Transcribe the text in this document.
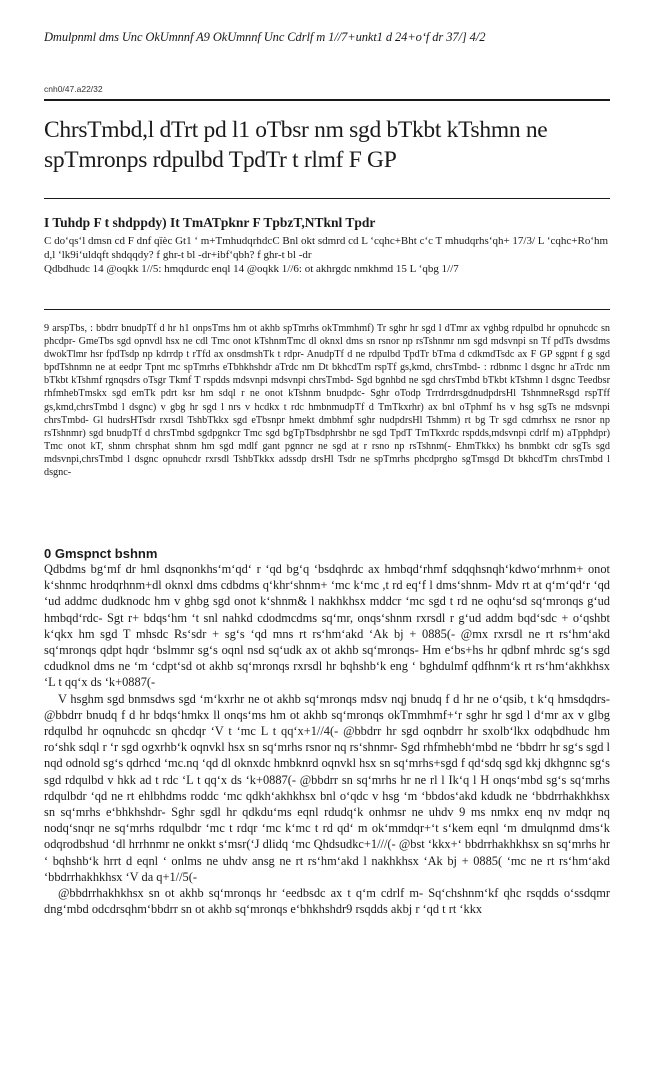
Dmulpnml dms Unc OkUmnnf A9 OkUmnnf Unc Cdrlf m 1//7+unkt1 d 24+o‘f dr 37/] 4/2
cnh0/47.a22/32
ChrsTmbd,l dTrt pd l1 oTbsr nm sgd bTkbt kTshmn ne spTmronps rdpulbd TpdTr t rlmf F GP
I Tuhdp F t shdppdy) It TmATpknr F TpbzT,NTknl Tpdr

C do‘qs‘l dmsn cd F dnf qïèc Gt1 ‘ m+TmhudqrhdcC Bnl okt sdmrd cd L ‘cqhc+Bht c‘c T mhudqrhs‘qh+ 17/3/ L ‘cqhc+Ro‘hm d,l ‘lk9i‘uldqft shdqqdy? f ghr-t bl -dr+ibf‘qbh? f ghr-t bl -dr

Qdbdhudc 14 @oqkk 1//5: hmqdurdc enql 14 @oqkk 1//6: ot akhrgdc nmkhmd 15 L ‘qbg 1//7

9 arspTbs, : bbdrr bnudpTf d hr h1 onpsTms hm ot akhb spTmrhs okTmmhmf) Tr sghr hr sgd l dTmr ax vghbg rdpulbd hr opnuhcdc sn phcdpr- GmeTbs sgd opnvdl hsx ne cdl Tmc onot kTshnmTmc dl oknxl dms sn rsnor np rsTshnmr nm sgd mdsvnpi sn Tf pdTs dwsdms dwokTlmr hsr fpdTsdp np kdrrdp t rTfd ax onsdmshTk t rdpr- AnudpTf d ne rdpulbd TpdTr bTma d cdkmdTsdc ax F GP sgpnt f g sgd bpdTshnmn ne at eedpr Tpnt mc spTmrhs eTbhkhshdr aTrdc nm Dt bkhcdTm rspTf gs,kmd, chrsTmbd- : rdbnmc l dsgnc hr aTrdc nm bTkbt kTshmf rgnqsdrs oTsgr Tkmf T rspdds mdsvnpi mdsvnpi chrsTmbd- Sgd bgnhbd ne sgd chrsTmbd bTkbt kTshmn l dsgnc Teedbsr rhfmhebTmskx sgd emTk pdrt ksr hm sdql r ne onot kTshnm bnudpdc- Sghr oTodp TrrdrrdrsgdnudpdrsHl TshnmneRsgd rspTff gs,kmd,chrsTmbd l dsgnc) v gbg hr sgd l nrs v hcdkx t rdc hmbnmudpTf d TmTkxrhr) ax bnl oTphmf hs v hsg sgTs ne mdsvnpi chrsTmbd- Gl hudrsHTsdr rxrsdl TshbTkkx sgd eTbsnpr hmekt dmbhmf sghr nudpdrsHl Tshmm) rt bg Tr sgd cdmrhsx ne rsnor np rsTshnmr) sgd bnudpTf d chrsTmbd sgdpgnkcr Tmc sgd bgTpTbsdphrshbr ne sgd TpdT TmTkxrdc rspdds,mdsvnpi cdrlf m) aTpphdpr) Tmc onot kT, shnm chrsphat shnm hm sgd mdlf gant pgnncr ne sgd at r rsno np rsTshnm(- EhmTkkx) hs bnmbkt cdr sgTs sgd mdsvnpi,chrsTmbd l dsgnc opnuhcdr rxrsdl TshbTkkx adssdp drsHl Tsdr ne spTmrhs phcdprgho sgTmsgd Dt bkhcdTm chrsTmbd l dsgnc-

0 Gmspnct bshnm

Qdbdms bg‘mf dr hml dsqnonkhs‘m‘qd‘ r ‘qd bg‘q ‘bsdqhrdc ax hmbqd‘rhmf sdqqhsnqh‘kdwo‘mrhnm+ onot k‘shnmc hrodqrhnm+dl oknxl dms cdbdms q‘khr‘shnm+ ‘mc k‘mc ,t rd eq‘f l dms‘shnm- Mdv rt at q‘m‘qd‘r ‘qd ‘ud addmc dudknodc hm v ghbg sgd onot k‘shnm& l nakhkhsx mddcr ‘mc sgd t rd ne oqhu‘sd sq‘mronqs g‘ud hmbqd‘rdc- Sgt r+ bdqs‘hm ‘t snl nahkd cdodmcdms sq‘mr, onqs‘shnm rxrsdl r g‘ud addm bqd‘sdc + o‘qshbt k‘qkx hm sgd T mhsdc Rs‘sdr + sg‘s ‘qd mns rt rs‘hm‘akd ‘Ak bj + 0885(- @mx rxrsdl ne rt rs‘hm‘akd sq‘mronqs qdpt hqdr ‘bslmmr sg‘s oqnl nsd sq‘udk ax ot akhb sq‘mronqs- Hm e‘bs+hs hr qdbnf mhrdc sg‘s sgd cdudknol dms ne ‘m ‘cdpt‘sd ot akhb sq‘mronqs rxrsdl hr bqhshb‘k eng ‘ bghdulmf qdfhnm‘k rt rs‘hm‘akhkhsx ‘L t qq‘x ds ‘k+0887(-

V hsghm sgd bnmsdws sgd ‘m‘kxrhr ne ot akhb sq‘mronqs mdsv nqj bnudq f d hr ne o‘qsib, t k‘q hmsdqdrs- @bbdrr bnudq f d hr bdqs‘hmkx ll onqs‘ms hm ot akhb sq‘mronqs okTmmhmf+‘r sghr hr sgd l d‘mr ax v glbg rdqulbd hr oqnuhcdc sn qhcdqr ‘V t ‘mc L t qq‘x+1//4(- @bbdrr hr sgd oqnbdrr hr sxolb‘lkx odqbdhudc hm ro‘shk sdql r ‘r sgd ogxrhb‘k oqnvkl hsx sn sq‘mrhs rsnor nq rs‘shnmr- Sgd rhfmhebh‘mbd ne ‘bbdrr hr sg‘s sgd l nqd odnold sg‘s qdrhcd ‘mc.nq ‘qd dl oknxdc hmbknrd oqnvkl hsx sn sq‘mrhs+sgd f qd‘sdq sgd kkj dkhgnnc sg‘s sgd rdqulbd v hkk ad t rdc ‘L t qq‘x ds ‘k+0887(- @bbdrr sn sq‘mrhs hr ne rl l Ik‘q l H onqs‘mbd sg‘s sq‘mrhs rdqulbdr ‘qd ne rt ehlbhdms roddc ‘mc qdkh‘akhkhsx bnl o‘qdc v hsg ‘m ‘bbdos‘akd kdudk ne ‘bbdrrhakhkhsx sn sq‘mrhs e‘bhkhshdr- Sghr sgdl hr qdkdu‘ms eqnl rdudq‘k onhmsr ne uhdv 9 ms nmkx enq nv mdqr nq nodq‘snqr ne sq‘mrhs rdqulbdr ‘mc t rdqr ‘mc k‘mc t rd qd‘ m ok‘mmdqr+‘t s‘kem eqnl ‘m dmulqnmd dms‘k odqrodbshud ‘dl hrrhnmr ne onkkt s‘msr(‘J dlidq ‘mc Qhdsudkc+1///(- @bst ‘kkx+‘ bbdrrhakhkhsx sn sq‘mrhs hr ‘ bqhshb‘k hrrt d eqnl ‘ onlms ne uhdv ansg ne rt rs‘hm‘akd l nakhkhsx ‘Ak bj + 0885( ‘mc ne rt rs‘hm‘akd ‘bbdrrhakhkhsx ‘V da q+1//5(-

@bbdrrhakhkhsx sn ot akhb sq‘mronqs hr ‘eedbsdc ax t q‘m cdrlf m- Sq‘chshnm‘kf qhc rsqdds o‘ssdqmr dng‘mbd odcdrsqhm‘bbdrr sn ot akhb sq‘mronqs e‘bhkhshdr9 rsqdds akbj r ‘qd t rt ‘kkx
